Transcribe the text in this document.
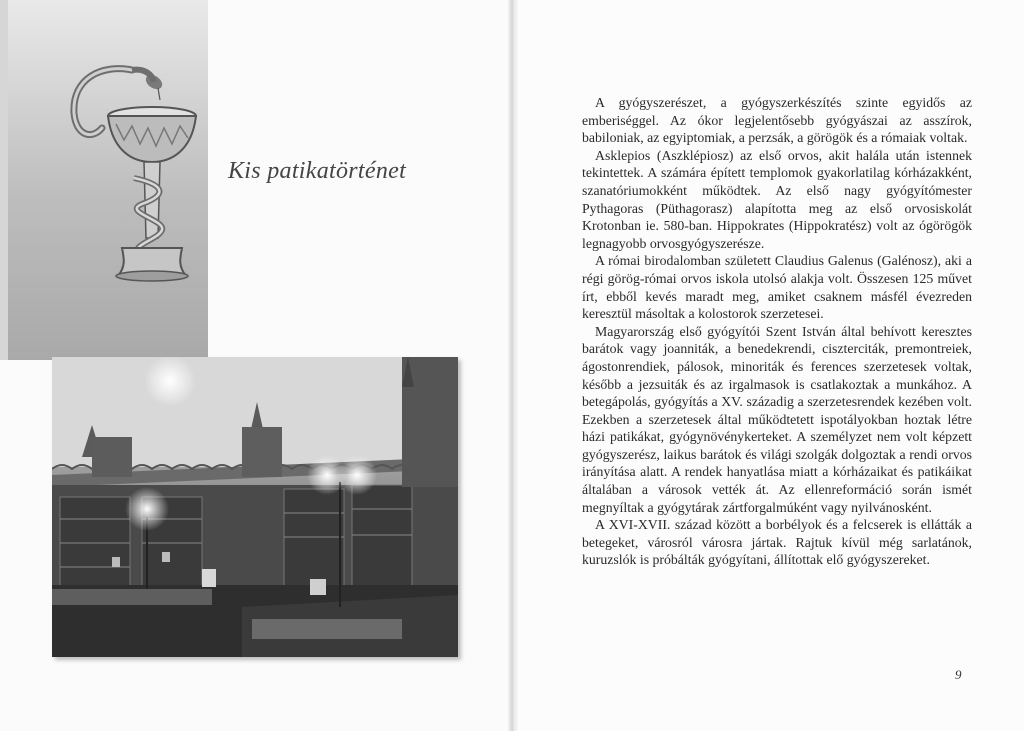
Kis patikatörténet

A gyógyszerészet, a gyógyszerkészítés szinte egyidős az emberiséggel. Az ókor legjelentősebb gyógyászai az asszírok, babiloniak, az egyiptomiak, a perzsák, a görögök és a rómaiak voltak.

Asklepios (Aszklépiosz) az első orvos, akit halála után istennek tekintettek. A számára épített templomok gyakorlatilag kórházakként, szanatóriumokként működtek. Az első nagy gyógyítómester Pythagoras (Püthagorasz) alapította meg az első orvosiskolát Krotonban ie. 580-ban. Hippokrates (Hippokratész) volt az ógörögök legnagyobb orvosgyógyszerésze.

A római birodalomban született Claudius Galenus (Galénosz), aki a régi görög-római orvos iskola utolsó alakja volt. Összesen 125 művet írt, ebből kevés maradt meg, amiket csaknem másfél évezreden keresztül másoltak a kolostorok szerzetesei.

Magyarország első gyógyítói Szent István által behívott keresztes barátok vagy joanniták, a benedekrendi, ciszterciták, premontreiek, ágostonrendiek, pálosok, minoriták és ferences szerzetesek voltak, később a jezsuiták és az irgalmasok is csatlakoztak a munkához. A betegápolás, gyógyítás a XV. századig a szerzetesrendek kezében volt. Ezekben a szerzetesek által működtetett ispotályokban hoztak létre házi patikákat, gyógynövénykerteket. A személyzet nem volt képzett gyógyszerész, laikus barátok és világi szolgák dolgoztak a rendi orvos irányítása alatt. A rendek hanyatlása miatt a kórházaikat és patikáikat általában a városok vették át. Az ellenreformáció során ismét megnyíltak a gyógytárak zártforgalmúként vagy nyilvánosként.

A XVI-XVII. század között a borbélyok és a felcserek is ellátták a betegeket, városról városra jártak. Rajtuk kívül még sarlatánok, kuruzslók is próbálták gyógyítani, állítottak elő gyógyszereket.

9
